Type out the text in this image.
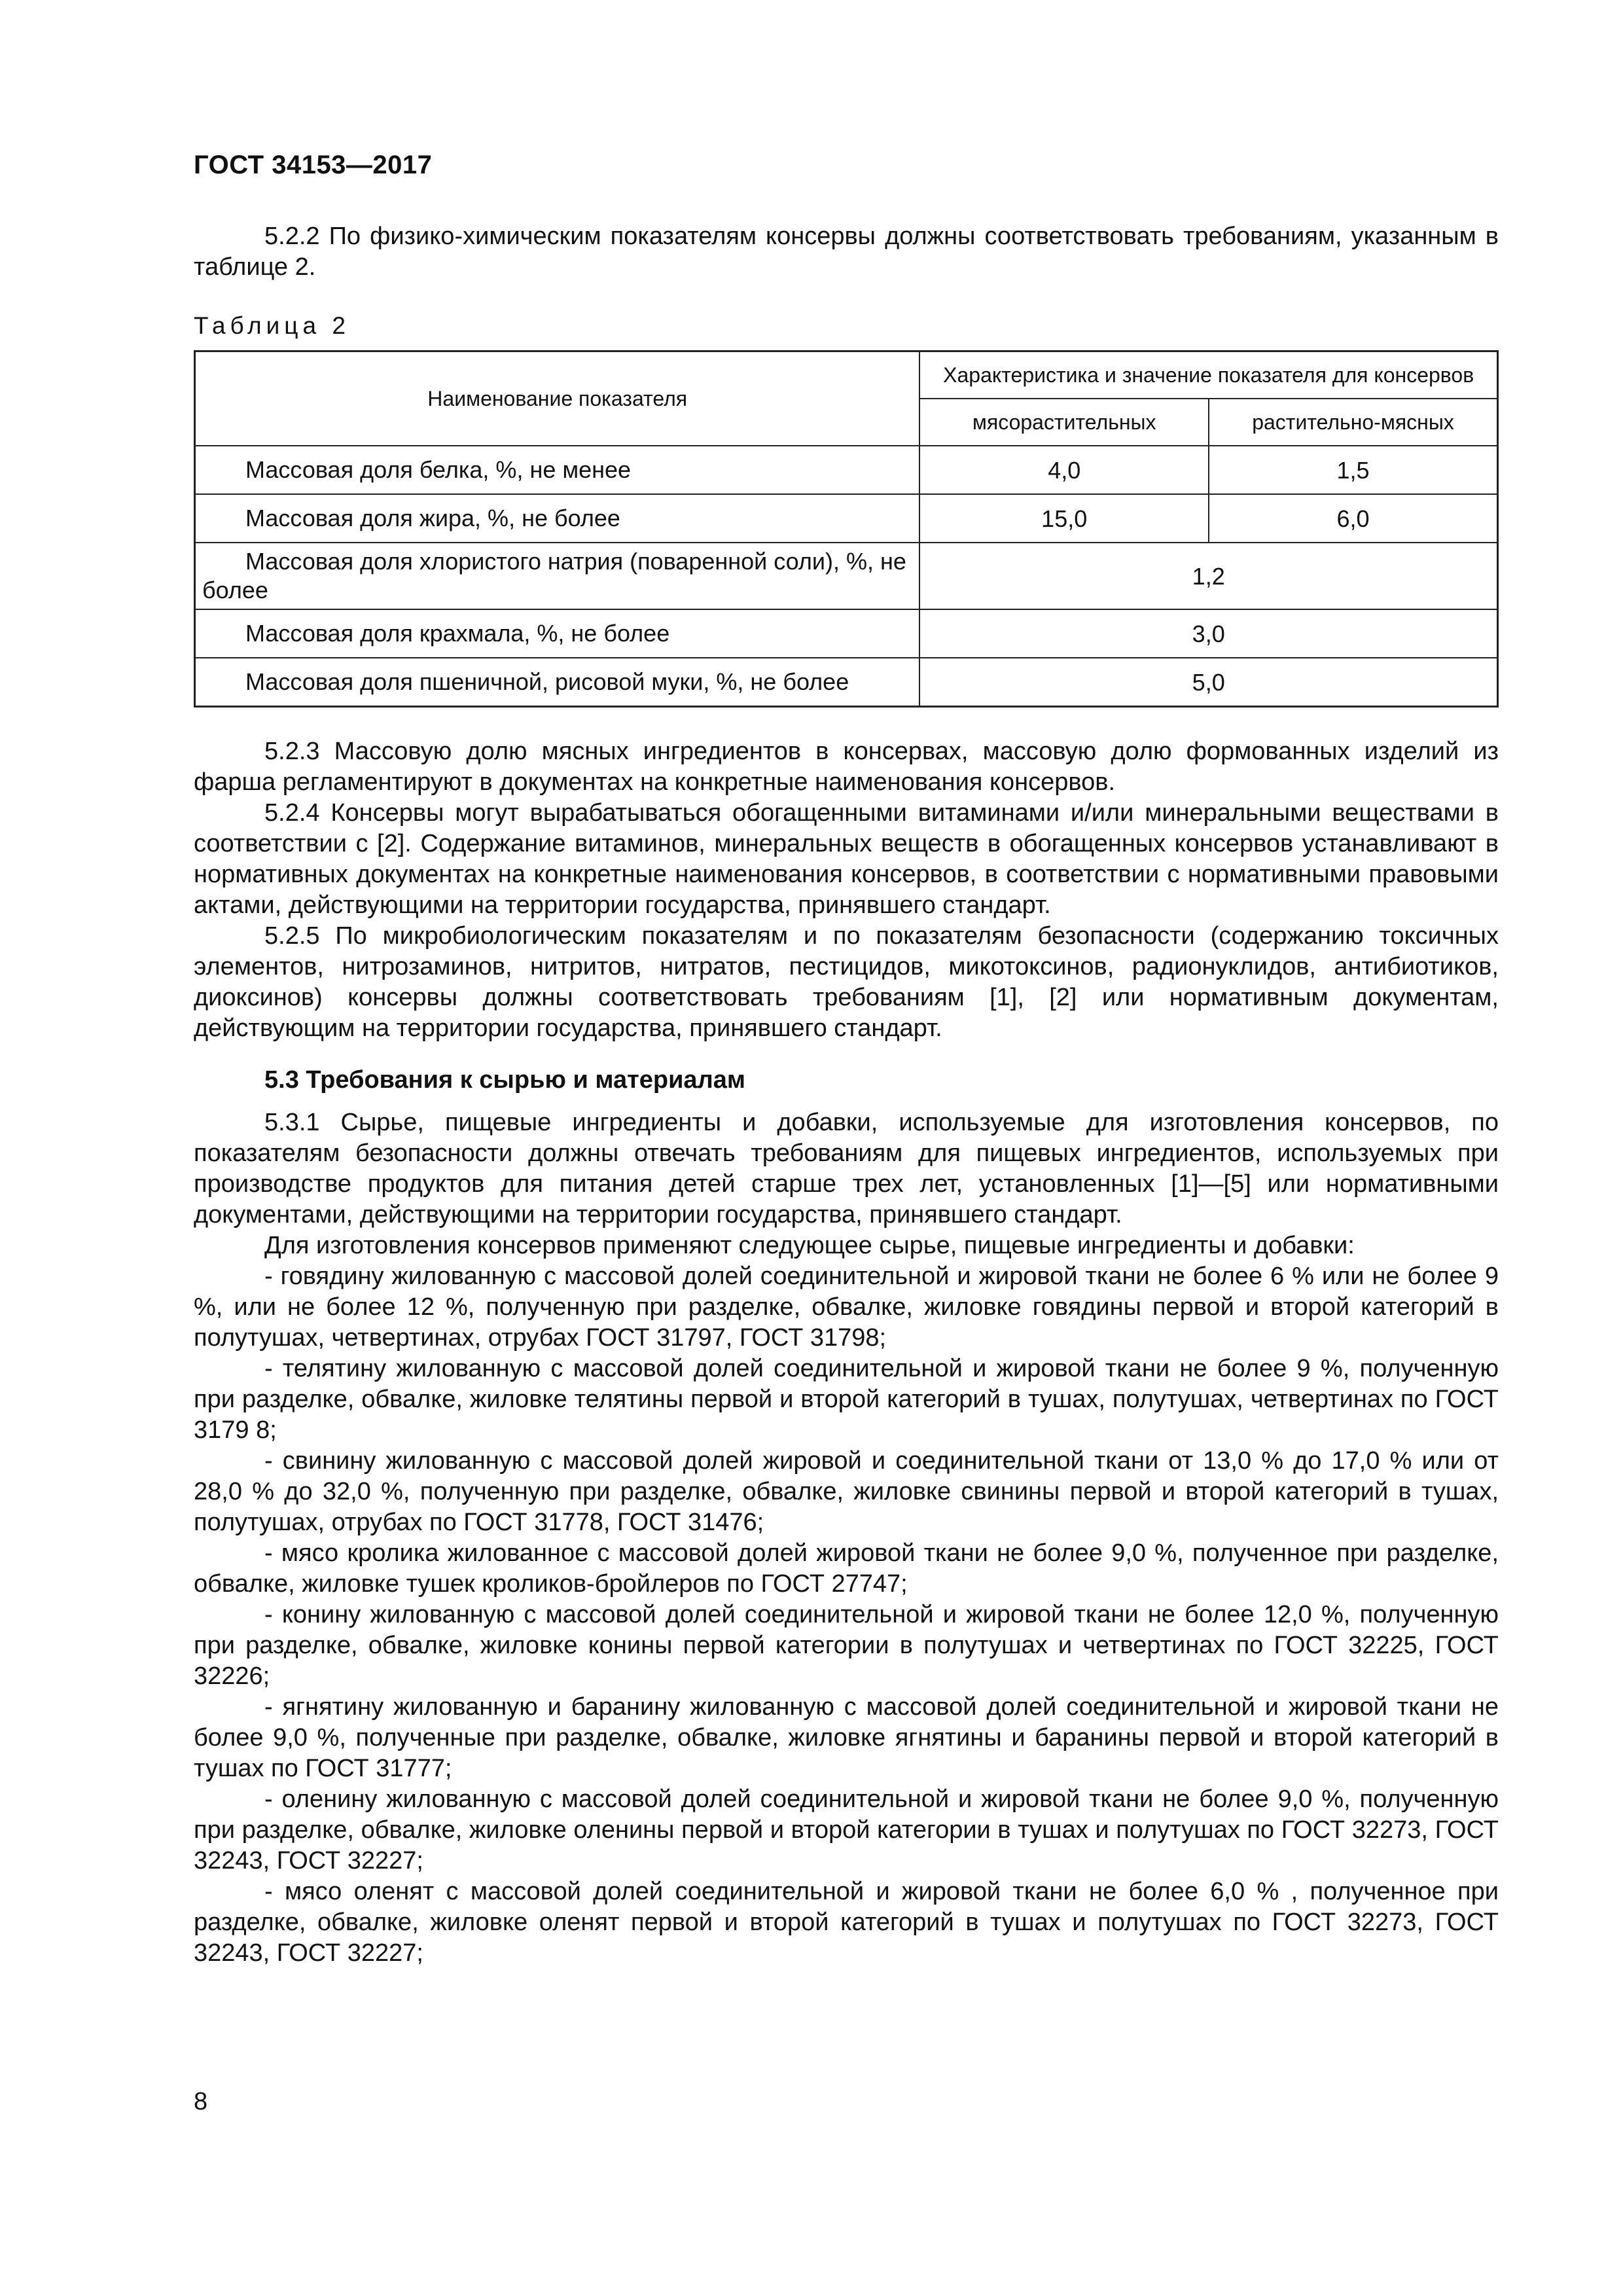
ГОСТ 34153—2017

5.2.2 По физико-химическим показателям консервы должны соответствовать требованиям, указанным в таблице 2.

Таблица 2

Наименование показателя	Характеристика и значение показателя для консервов	
	мясорастительных	растительно-мясных
Массовая доля белка, %, не менее	4,0	1,5
Массовая доля жира, %, не более	15,0	6,0
Массовая доля хлористого натрия (поваренной соли), %, не более	1,2	
Массовая доля крахмала, %, не более	3,0	
Массовая доля пшеничной, рисовой муки, %, не более	5,0	

5.2.3 Массовую долю мясных ингредиентов в консервах, массовую долю формованных изделий из фарша регламентируют в документах на конкретные наименования консервов.

5.2.4 Консервы могут вырабатываться обогащенными витаминами и/или минеральными веществами в соответствии с [2]. Содержание витаминов, минеральных веществ в обогащенных консервов устанавливают в нормативных документах на конкретные наименования консервов, в соответствии с нормативными правовыми актами, действующими на территории государства, принявшего стандарт.

5.2.5 По микробиологическим показателям и по показателям безопасности (содержанию токсичных элементов, нитрозаминов, нитритов, нитратов, пестицидов, микотоксинов, радионуклидов, антибиотиков, диоксинов) консервы должны соответствовать требованиям [1], [2] или нормативным документам, действующим на территории государства, принявшего стандарт.

5.3 Требования к сырью и материалам

5.3.1 Сырье, пищевые ингредиенты и добавки, используемые для изготовления консервов, по показателям безопасности должны отвечать требованиям для пищевых ингредиентов, используемых при производстве продуктов для питания детей старше трех лет, установленных [1]—[5] или нормативными документами, действующими на территории государства, принявшего стандарт.

Для изготовления консервов применяют следующее сырье, пищевые ингредиенты и добавки:

- говядину жилованную с массовой долей соединительной и жировой ткани не более 6 % или не более 9 %, или не более 12 %, полученную при разделке, обвалке, жиловке говядины первой и второй категорий в полутушах, четвертинах, отрубах ГОСТ 31797, ГОСТ 31798;

- телятину жилованную с массовой долей соединительной и жировой ткани не более 9 %, полученную при разделке, обвалке, жиловке телятины первой и второй категорий в тушах, полутушах, четвертинах по ГОСТ 3179 8;

- свинину жилованную с массовой долей жировой и соединительной ткани от 13,0 % до 17,0 % или от 28,0 % до 32,0 %, полученную при разделке, обвалке, жиловке свинины первой и второй категорий в тушах, полутушах, отрубах по ГОСТ 31778, ГОСТ 31476;

- мясо кролика жилованное с массовой долей жировой ткани не более 9,0 %, полученное при разделке, обвалке, жиловке тушек кроликов-бройлеров по ГОСТ 27747;

- конину жилованную с массовой долей соединительной и жировой ткани не более 12,0 %, полученную при разделке, обвалке, жиловке конины первой категории в полутушах и четвертинах по ГОСТ 32225, ГОСТ 32226;

- ягнятину жилованную и баранину жилованную с массовой долей соединительной и жировой ткани не более 9,0 %, полученные при разделке, обвалке, жиловке ягнятины и баранины первой и второй категорий в тушах по ГОСТ 31777;

- оленину жилованную с массовой долей соединительной и жировой ткани не более 9,0 %, полученную при разделке, обвалке, жиловке оленины первой и второй категории в тушах и полутушах по ГОСТ 32273, ГОСТ 32243, ГОСТ 32227;

- мясо оленят с массовой долей соединительной и жировой ткани не более 6,0 % , полученное при разделке, обвалке, жиловке оленят первой и второй категорий в тушах и полутушах по ГОСТ 32273, ГОСТ 32243, ГОСТ 32227;

8
